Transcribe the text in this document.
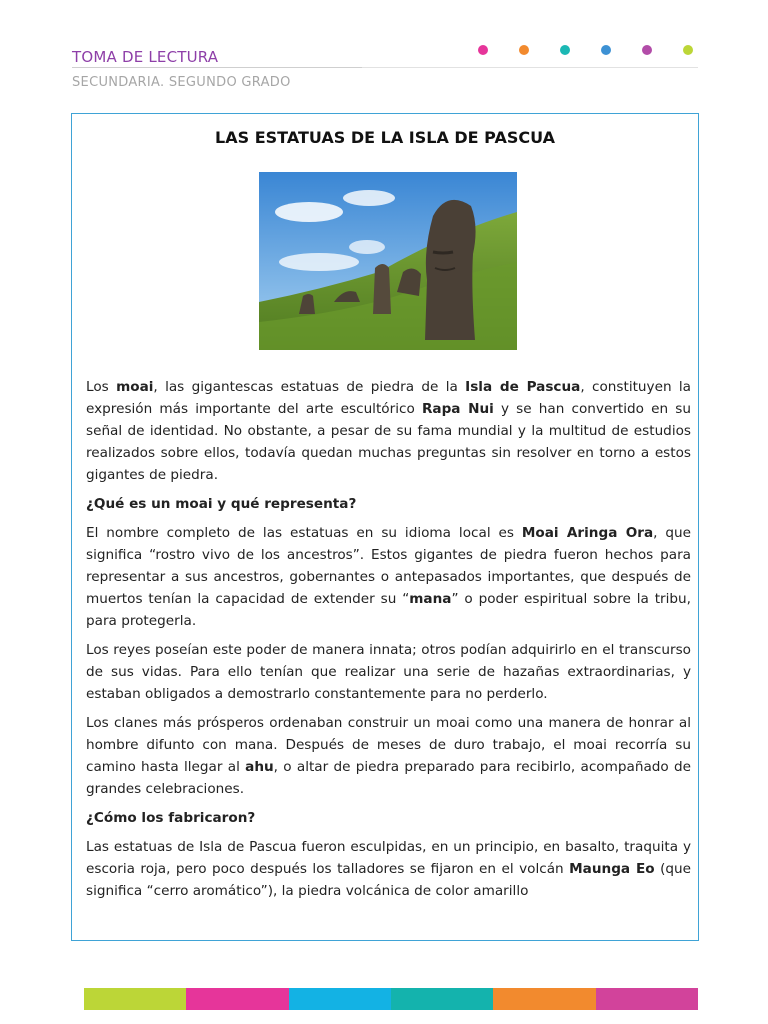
TOMA DE LECTURA
SECUNDARIA. SEGUNDO GRADO
LAS ESTATUAS DE LA ISLA DE PASCUA

Los moai, las gigantescas estatuas de piedra de la Isla de Pascua, constituyen la expresión más importante del arte escultórico Rapa Nui y se han convertido en su señal de identidad. No obstante, a pesar de su fama mundial y la multitud de estudios realizados sobre ellos, todavía quedan muchas preguntas sin resolver en torno a estos gigantes de piedra.

¿Qué es un moai y qué representa?

El nombre completo de las estatuas en su idioma local es Moai Aringa Ora, que significa “rostro vivo de los ancestros”. Estos gigantes de piedra fueron hechos para representar a sus ancestros, gobernantes o antepasados importantes, que después de muertos tenían la capacidad de extender su “mana” o poder espiritual sobre la tribu, para protegerla.

Los reyes poseían este poder de manera innata; otros podían adquirirlo en el transcurso de sus vidas. Para ello tenían que realizar una serie de hazañas extraordinarias, y estaban obligados a demostrarlo constantemente para no perderlo.

Los clanes más prósperos ordenaban construir un moai como una manera de honrar al hombre difunto con mana. Después de meses de duro trabajo, el moai recorría su camino hasta llegar al ahu, o altar de piedra preparado para recibirlo, acompañado de grandes celebraciones.

¿Cómo los fabricaron?

Las estatuas de Isla de Pascua fueron esculpidas, en un principio, en basalto, traquita y escoria roja, pero poco después los talladores se fijaron en el volcán Maunga Eo (que significa “cerro aromático”), la piedra volcánica de color amarillo
